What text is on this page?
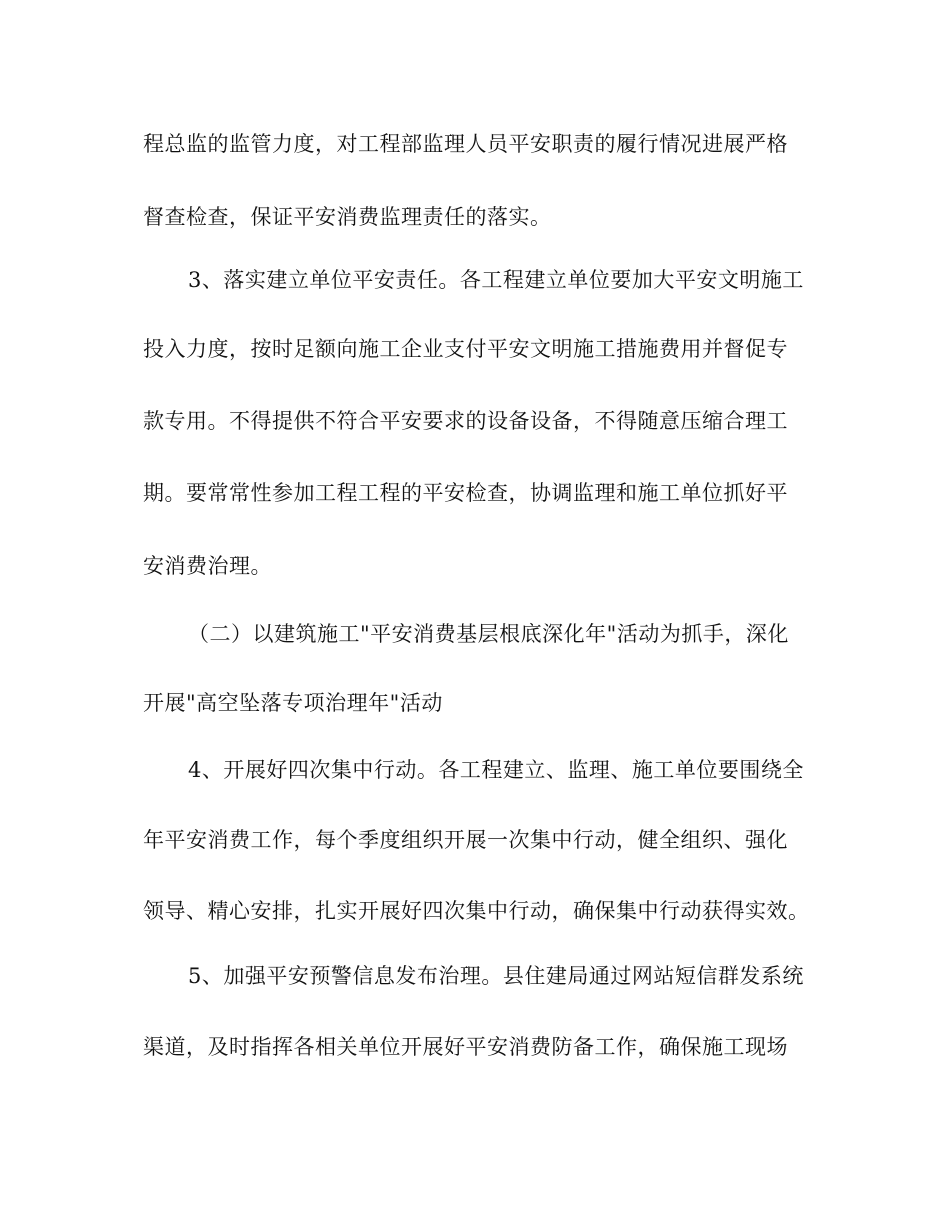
程总监的监管力度，对工程部监理人员平安职责的履行情况进展严格
督查检查，保证平安消费监理责任的落实。
3、落实建立单位平安责任。各工程建立单位要加大平安文明施工
投入力度，按时足额向施工企业支付平安文明施工措施费用并督促专
款专用。不得提供不符合平安要求的设备设备，不得随意压缩合理工
期。要常常性参加工程工程的平安检查，协调监理和施工单位抓好平
安消费治理。
（二）以建筑施工"平安消费基层根底深化年"活动为抓手，深化
开展"高空坠落专项治理年"活动
4、开展好四次集中行动。各工程建立、监理、施工单位要围绕全
年平安消费工作，每个季度组织开展一次集中行动，健全组织、强化
领导、精心安排，扎实开展好四次集中行动，确保集中行动获得实效。
5、加强平安预警信息发布治理。县住建局通过网站短信群发系统
渠道，及时指挥各相关单位开展好平安消费防备工作，确保施工现场
